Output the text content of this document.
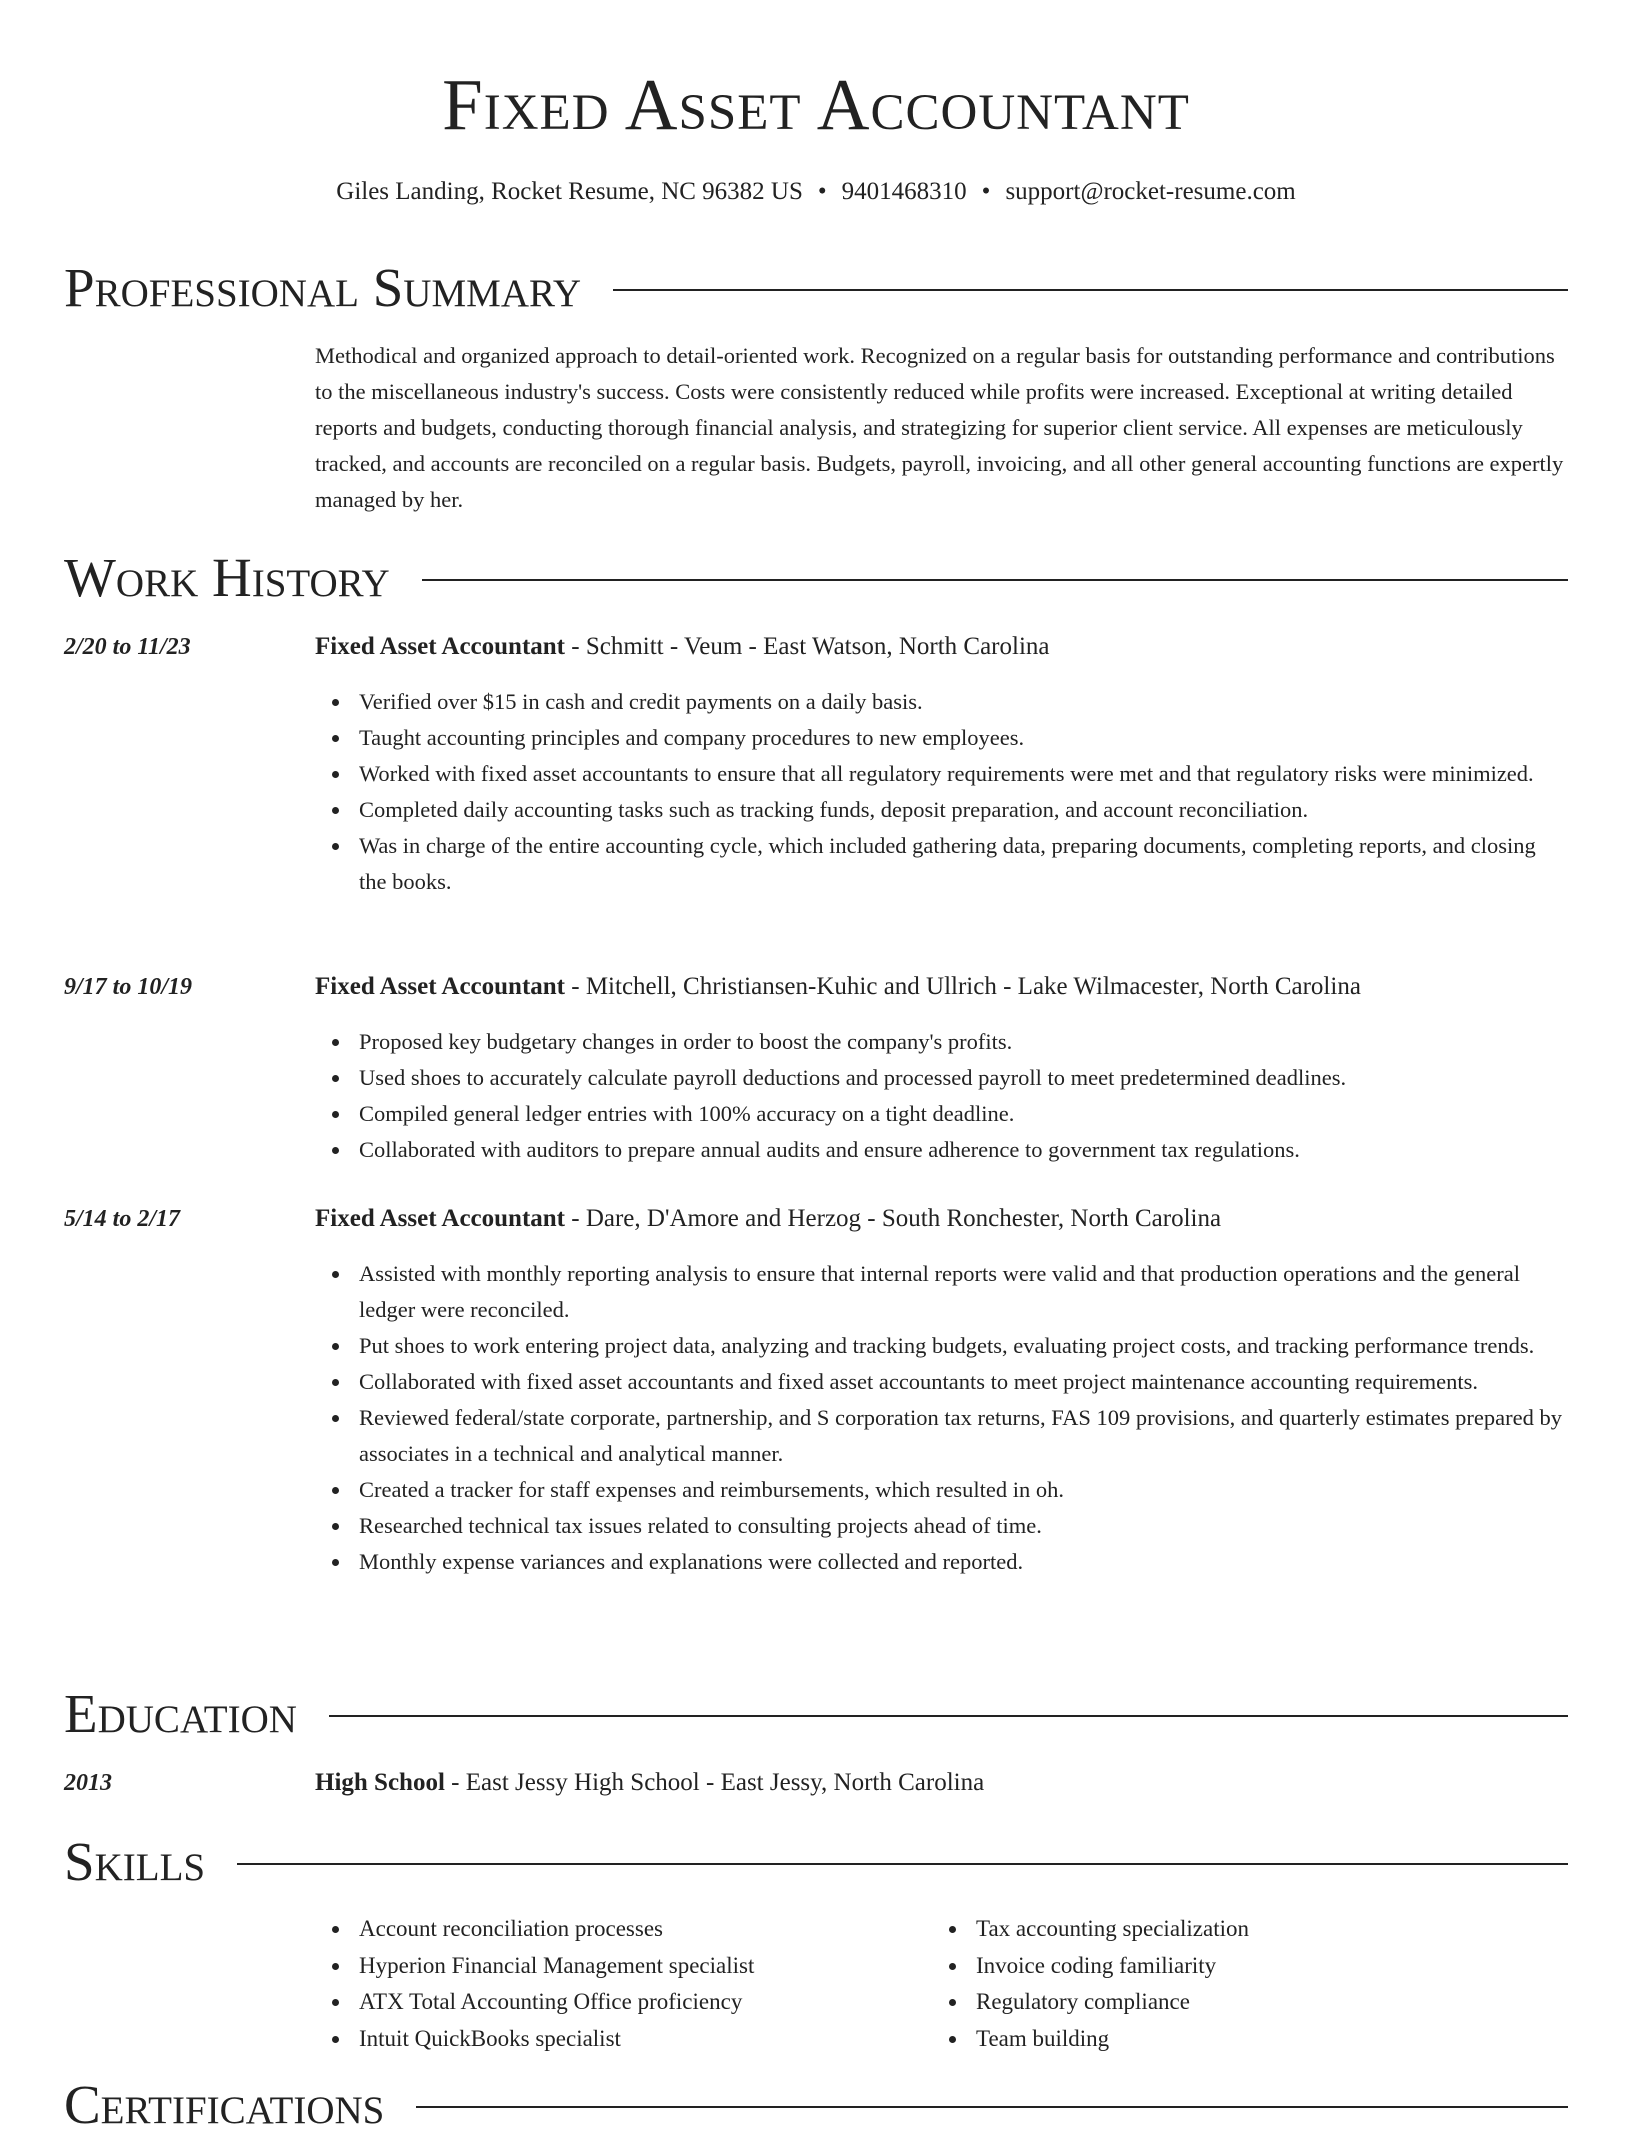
Fixed Asset Accountant
Giles Landing, Rocket Resume, NC 96382 US • 9401468310 • support@rocket-resume.com
Professional Summary
Methodical and organized approach to detail-oriented work. Recognized on a regular basis for outstanding performance and contributions to the miscellaneous industry's success. Costs were consistently reduced while profits were increased. Exceptional at writing detailed reports and budgets, conducting thorough financial analysis, and strategizing for superior client service. All expenses are meticulously tracked, and accounts are reconciled on a regular basis. Budgets, payroll, invoicing, and all other general accounting functions are expertly managed by her.
Work History
2/20 to 11/23	Fixed Asset Accountant - Schmitt - Veum - East Watson, North Carolina
Verified over $15 in cash and credit payments on a daily basis.
Taught accounting principles and company procedures to new employees.
Worked with fixed asset accountants to ensure that all regulatory requirements were met and that regulatory risks were minimized.
Completed daily accounting tasks such as tracking funds, deposit preparation, and account reconciliation.
Was in charge of the entire accounting cycle, which included gathering data, preparing documents, completing reports, and closing the books.
9/17 to 10/19	Fixed Asset Accountant - Mitchell, Christiansen-Kuhic and Ullrich - Lake Wilmacester, North Carolina
Proposed key budgetary changes in order to boost the company's profits.
Used shoes to accurately calculate payroll deductions and processed payroll to meet predetermined deadlines.
Compiled general ledger entries with 100% accuracy on a tight deadline.
Collaborated with auditors to prepare annual audits and ensure adherence to government tax regulations.
5/14 to 2/17	Fixed Asset Accountant - Dare, D'Amore and Herzog - South Ronchester, North Carolina
Assisted with monthly reporting analysis to ensure that internal reports were valid and that production operations and the general ledger were reconciled.
Put shoes to work entering project data, analyzing and tracking budgets, evaluating project costs, and tracking performance trends.
Collaborated with fixed asset accountants and fixed asset accountants to meet project maintenance accounting requirements.
Reviewed federal/state corporate, partnership, and S corporation tax returns, FAS 109 provisions, and quarterly estimates prepared by associates in a technical and analytical manner.
Created a tracker for staff expenses and reimbursements, which resulted in oh.
Researched technical tax issues related to consulting projects ahead of time.
Monthly expense variances and explanations were collected and reported.
Education
2013	High School - East Jessy High School - East Jessy, North Carolina
Skills
Account reconciliation processes
Hyperion Financial Management specialist
ATX Total Accounting Office proficiency
Intuit QuickBooks specialist
Tax accounting specialization
Invoice coding familiarity
Regulatory compliance
Team building
Certifications
